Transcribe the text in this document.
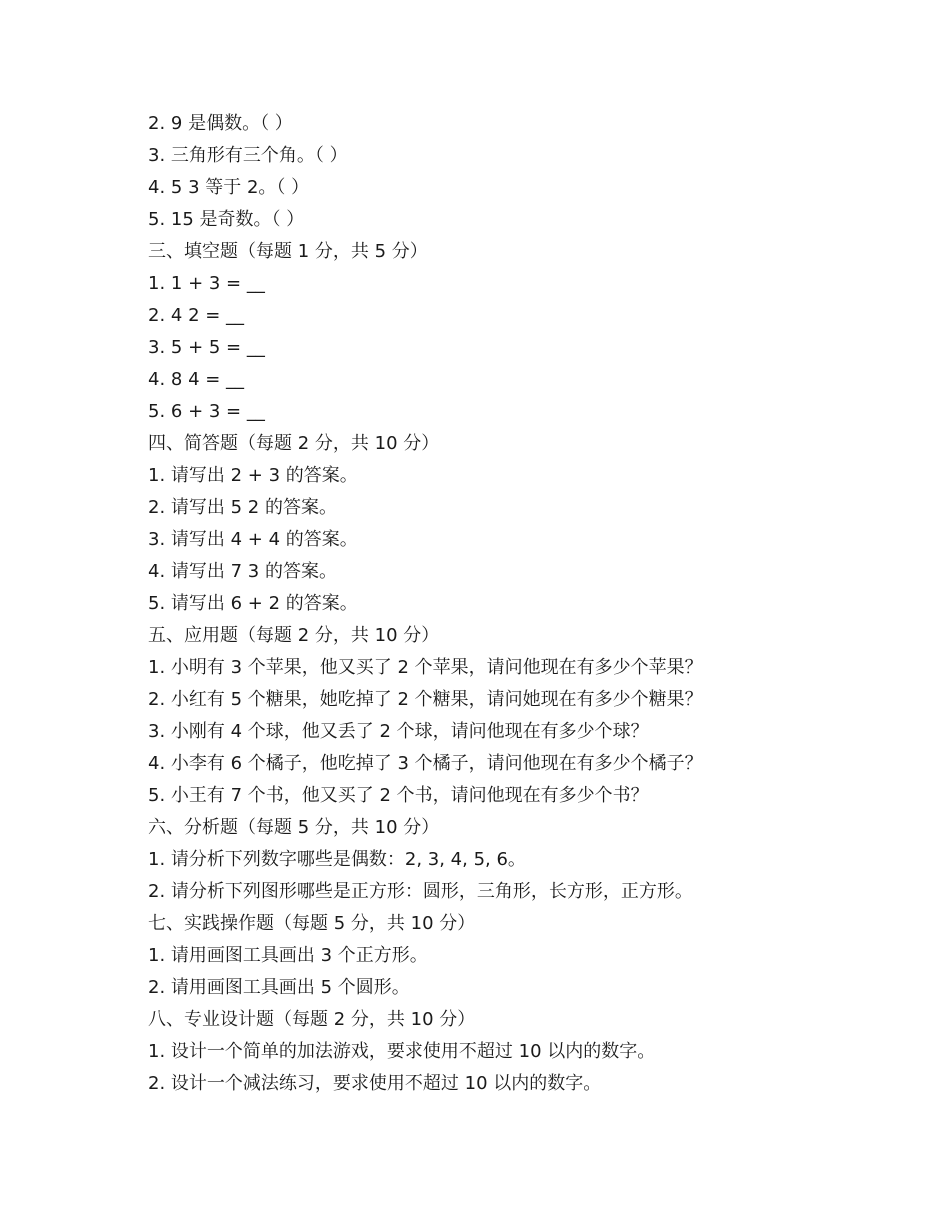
2. 9 是偶数。（ ）
3. 三角形有三个角。（ ）
4. 5 3 等于 2。（ ）
5. 15 是奇数。（ ）
三、填空题（每题 1 分，共 5 分）
1. 1 + 3 = __
2. 4 2 = __
3. 5 + 5 = __
4. 8 4 = __
5. 6 + 3 = __
四、简答题（每题 2 分，共 10 分）
1. 请写出 2 + 3 的答案。
2. 请写出 5 2 的答案。
3. 请写出 4 + 4 的答案。
4. 请写出 7 3 的答案。
5. 请写出 6 + 2 的答案。
五、应用题（每题 2 分，共 10 分）
1. 小明有 3 个苹果，他又买了 2 个苹果，请问他现在有多少个苹果？
2. 小红有 5 个糖果，她吃掉了 2 个糖果，请问她现在有多少个糖果？
3. 小刚有 4 个球，他又丢了 2 个球，请问他现在有多少个球？
4. 小李有 6 个橘子，他吃掉了 3 个橘子，请问他现在有多少个橘子？
5. 小王有 7 个书，他又买了 2 个书，请问他现在有多少个书？
六、分析题（每题 5 分，共 10 分）
1. 请分析下列数字哪些是偶数：2, 3, 4, 5, 6。
2. 请分析下列图形哪些是正方形：圆形，三角形，长方形，正方形。
七、实践操作题（每题 5 分，共 10 分）
1. 请用画图工具画出 3 个正方形。
2. 请用画图工具画出 5 个圆形。
八、专业设计题（每题 2 分，共 10 分）
1. 设计一个简单的加法游戏，要求使用不超过 10 以内的数字。
2. 设计一个减法练习，要求使用不超过 10 以内的数字。
